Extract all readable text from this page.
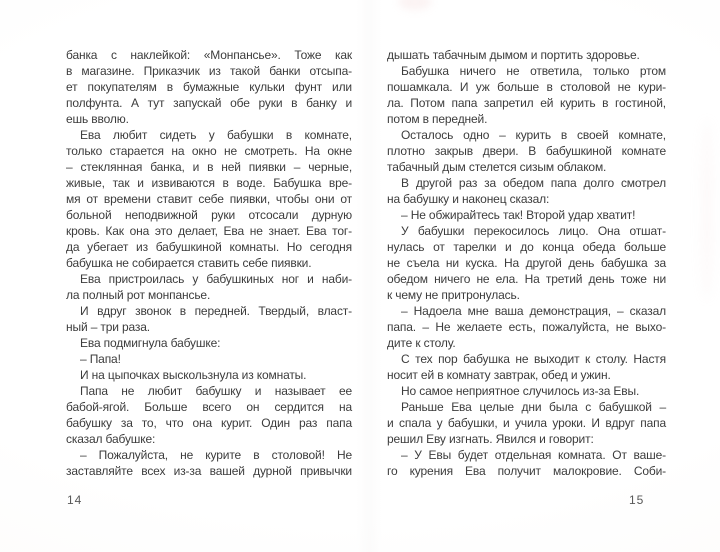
банка с наклейкой: «Монпансье». Тоже как
в магазине. Приказчик из такой банки отсыпа-
ет покупателям в бумажные кульки фунт или
полфунта. А тут запускай обе руки в банку и
ешь вволю.
Ева любит сидеть у бабушки в комнате,
только старается на окно не смотреть. На окне
– стеклянная банка, и в ней пиявки – черные,
живые, так и извиваются в воде. Бабушка вре-
мя от времени ставит себе пиявки, чтобы они от
больной неподвижной руки отсосали дурную
кровь. Как она это делает, Ева не знает. Ева тог-
да убегает из бабушкиной комнаты. Но сегодня
бабушка не собирается ставить себе пиявки.
Ева пристроилась у бабушкиных ног и наби-
ла полный рот монпансье.
И вдруг звонок в передней. Твердый, власт-
ный – три раза.
Ева подмигнула бабушке:
– Папа!
И на цыпочках выскользнула из комнаты.
Папа не любит бабушку и называет ее
бабой-ягой. Больше всего он сердится на
бабушку за то, что она курит. Один раз папа
сказал бабушке:
– Пожалуйста, не курите в столовой! Не
заставляйте всех из-за вашей дурной привычки
дышать табачным дымом и портить здоровье.
Бабушка ничего не ответила, только ртом
пошамкала. И уж больше в столовой не кури-
ла. Потом папа запретил ей курить в гостиной,
потом в передней.
Осталось одно – курить в своей комнате,
плотно закрыв двери. В бабушкиной комнате
табачный дым стелется сизым облаком.
В другой раз за обедом папа долго смотрел
на бабушку и наконец сказал:
– Не обжирайтесь так! Второй удар хватит!
У бабушки перекосилось лицо. Она отшат-
нулась от тарелки и до конца обеда больше
не съела ни куска. На другой день бабушка за
обедом ничего не ела. На третий день тоже ни
к чему не притронулась.
– Надоела мне ваша демонстрация, – сказал
папа. – Не желаете есть, пожалуйста, не выхо-
дите к столу.
С тех пор бабушка не выходит к столу. Настя
носит ей в комнату завтрак, обед и ужин.
Но самое неприятное случилось из-за Евы.
Раньше Ева целые дни была с бабушкой –
и спала у бабушки, и учила уроки. И вдруг папа
решил Еву изгнать. Явился и говорит:
– У Евы будет отдельная комната. От ваше-
го курения Ева получит малокровие. Соби-
14	15
